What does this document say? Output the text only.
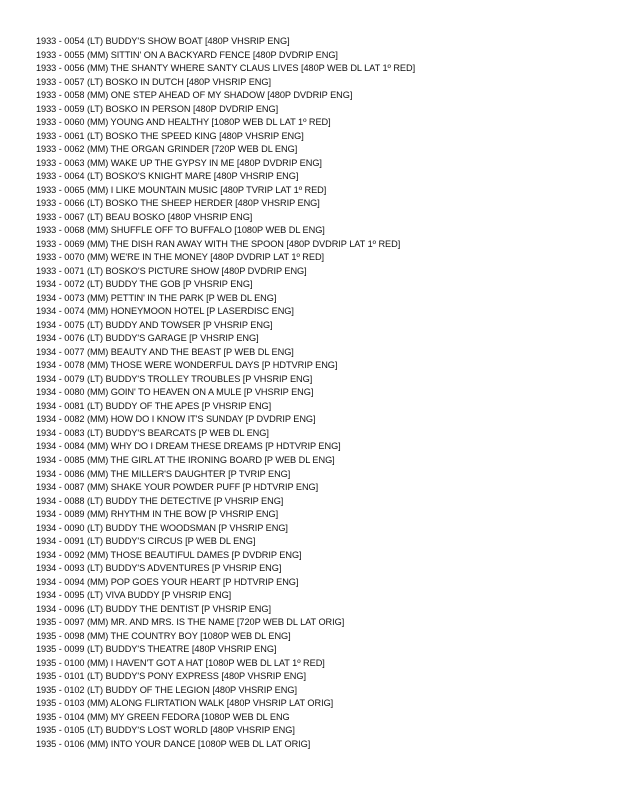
1933 - 0054 (LT) BUDDY'S SHOW BOAT [480P VHSRIP ENG]
1933 - 0055 (MM) SITTIN' ON A BACKYARD FENCE [480P DVDRIP ENG]
1933 - 0056 (MM) THE SHANTY WHERE SANTY CLAUS LIVES [480P WEB DL LAT 1º RED]
1933 - 0057 (LT) BOSKO IN DUTCH [480P VHSRIP ENG]
1933 - 0058 (MM) ONE STEP AHEAD OF MY SHADOW [480P DVDRIP ENG]
1933 - 0059 (LT) BOSKO IN PERSON [480P DVDRIP ENG]
1933 - 0060 (MM) YOUNG AND HEALTHY [1080P WEB DL LAT 1º RED]
1933 - 0061 (LT) BOSKO THE SPEED KING [480P VHSRIP ENG]
1933 - 0062 (MM) THE ORGAN GRINDER [720P WEB DL ENG]
1933 - 0063 (MM) WAKE UP THE GYPSY IN ME [480P DVDRIP ENG]
1933 - 0064 (LT) BOSKO'S KNIGHT MARE [480P VHSRIP ENG]
1933 - 0065 (MM) I LIKE MOUNTAIN MUSIC [480P TVRIP LAT 1º RED]
1933 - 0066 (LT) BOSKO THE SHEEP HERDER [480P VHSRIP ENG]
1933 - 0067 (LT) BEAU BOSKO [480P VHSRIP ENG]
1933 - 0068 (MM) SHUFFLE OFF TO BUFFALO [1080P WEB DL ENG]
1933 - 0069 (MM) THE DISH RAN AWAY WITH THE SPOON [480P DVDRIP LAT 1º RED]
1933 - 0070 (MM) WE'RE IN THE MONEY [480P DVDRIP LAT 1º RED]
1933 - 0071 (LT) BOSKO'S PICTURE SHOW [480P DVDRIP ENG]
1934 - 0072 (LT) BUDDY THE GOB [P VHSRIP ENG]
1934 - 0073 (MM) PETTIN' IN THE PARK [P WEB DL ENG]
1934 - 0074 (MM) HONEYMOON HOTEL [P LASERDISC ENG]
1934 - 0075 (LT) BUDDY AND TOWSER [P VHSRIP ENG]
1934 - 0076 (LT) BUDDY'S GARAGE [P VHSRIP ENG]
1934 - 0077 (MM) BEAUTY AND THE BEAST [P WEB DL ENG]
1934 - 0078 (MM) THOSE WERE WONDERFUL DAYS [P HDTVRIP ENG]
1934 - 0079 (LT) BUDDY'S TROLLEY TROUBLES [P VHSRIP ENG]
1934 - 0080 (MM) GOIN' TO HEAVEN ON A MULE [P VHSRIP ENG]
1934 - 0081 (LT) BUDDY OF THE APES [P VHSRIP ENG]
1934 - 0082 (MM) HOW DO I KNOW IT'S SUNDAY [P DVDRIP ENG]
1934 - 0083 (LT) BUDDY'S BEARCATS [P WEB DL ENG]
1934 - 0084 (MM) WHY DO I DREAM THESE DREAMS [P HDTVRIP ENG]
1934 - 0085 (MM) THE GIRL AT THE IRONING BOARD [P WEB DL ENG]
1934 - 0086 (MM) THE MILLER'S DAUGHTER [P TVRIP ENG]
1934 - 0087 (MM) SHAKE YOUR POWDER PUFF [P HDTVRIP ENG]
1934 - 0088 (LT) BUDDY THE DETECTIVE [P VHSRIP ENG]
1934 - 0089 (MM) RHYTHM IN THE BOW [P VHSRIP ENG]
1934 - 0090 (LT) BUDDY THE WOODSMAN [P VHSRIP ENG]
1934 - 0091 (LT) BUDDY'S CIRCUS [P WEB DL ENG]
1934 - 0092 (MM) THOSE BEAUTIFUL DAMES [P DVDRIP ENG]
1934 - 0093 (LT) BUDDY'S ADVENTURES [P VHSRIP ENG]
1934 - 0094 (MM) POP GOES YOUR HEART [P HDTVRIP ENG]
1934 - 0095 (LT) VIVA BUDDY [P VHSRIP ENG]
1934 - 0096 (LT) BUDDY THE DENTIST [P VHSRIP ENG]
1935 - 0097 (MM) MR. AND MRS. IS THE NAME [720P WEB DL LAT ORIG]
1935 - 0098 (MM) THE COUNTRY BOY [1080P WEB DL ENG]
1935 - 0099 (LT) BUDDY'S THEATRE [480P VHSRIP ENG]
1935 - 0100 (MM) I HAVEN'T GOT A HAT [1080P WEB DL LAT 1º RED]
1935 - 0101 (LT) BUDDY'S PONY EXPRESS [480P VHSRIP ENG]
1935 - 0102 (LT) BUDDY OF THE LEGION [480P VHSRIP ENG]
1935 - 0103 (MM) ALONG FLIRTATION WALK [480P VHSRIP LAT ORIG]
1935 - 0104 (MM) MY GREEN FEDORA [1080P WEB DL ENG
1935 - 0105 (LT) BUDDY'S LOST WORLD [480P VHSRIP ENG]
1935 - 0106 (MM) INTO YOUR DANCE [1080P WEB DL LAT ORIG]
